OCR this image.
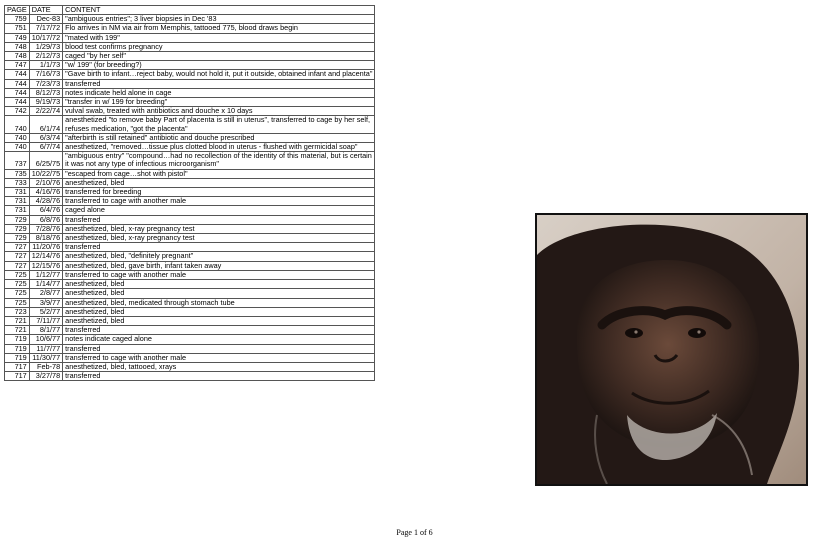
PAGE	DATE	CONTENT
759	Dec-83	"ambiguous entries"; 3 liver biopsies in Dec '83
751	7/17/72	Flo arrives in NM via air from Memphis, tattooed 775, blood draws begin
749	10/17/72	"mated with 199"
748	1/29/73	blood test confirms pregnancy
748	2/12/73	caged "by her self"
747	1/1/73	"w/ 199" (for breeding?)
744	7/16/73	"Gave birth to infant…reject baby, would not hold it, put it outside, obtained infant and placenta"
744	7/23/73	transferred
744	8/12/73	notes indicate held alone in cage
744	9/19/73	"transfer in w/ 199 for breeding"
742	2/22/74	vulval swab, treated with antibiotics and douche x 10 days
740	6/1/74	anesthetized "to remove baby Part of placenta is still in uterus", transferred to cage by her self, refuses medication, "got the placenta"
740	6/3/74	"afterbirth is still retained" antibiotic and douche prescribed
740	6/7/74	anesthetized, "removed…tissue plus clotted blood in uterus - flushed with germicidal soap"
737	6/25/75	"ambiguous entry" "compound…had no recollection of the identity of this material, but is certain it was not any type of infectious microorganism"
735	10/22/75	"escaped from cage…shot with pistol"
733	2/10/76	anesthetized, bled
731	4/16/76	transferred for breeding
731	4/28/76	transferred to cage with another male
731	6/4/76	caged alone
729	6/8/76	transferred
729	7/28/76	anesthetized, bled, x-ray pregnancy test
729	8/18/76	anesthetized, bled, x-ray pregnancy test
727	11/20/76	transferred
727	12/14/76	anesthetized, bled, "definitely pregnant"
727	12/15/76	anesthetized, bled, gave birth, infant taken away
725	1/12/77	transferred to cage with another male
725	1/14/77	anesthetized, bled
725	2/8/77	anesthetized, bled
725	3/9/77	anesthetized, bled, medicated through stomach tube
723	5/2/77	anesthetized, bled
721	7/11/77	anesthetized, bled
721	8/1/77	transferred
719	10/6/77	notes indicate caged alone
719	11/7/77	transferred
719	11/30/77	transferred to cage with another male
717	Feb-78	anesthetized, bled, tattooed, xrays
717	3/27/78	transferred
Page 1 of 6
